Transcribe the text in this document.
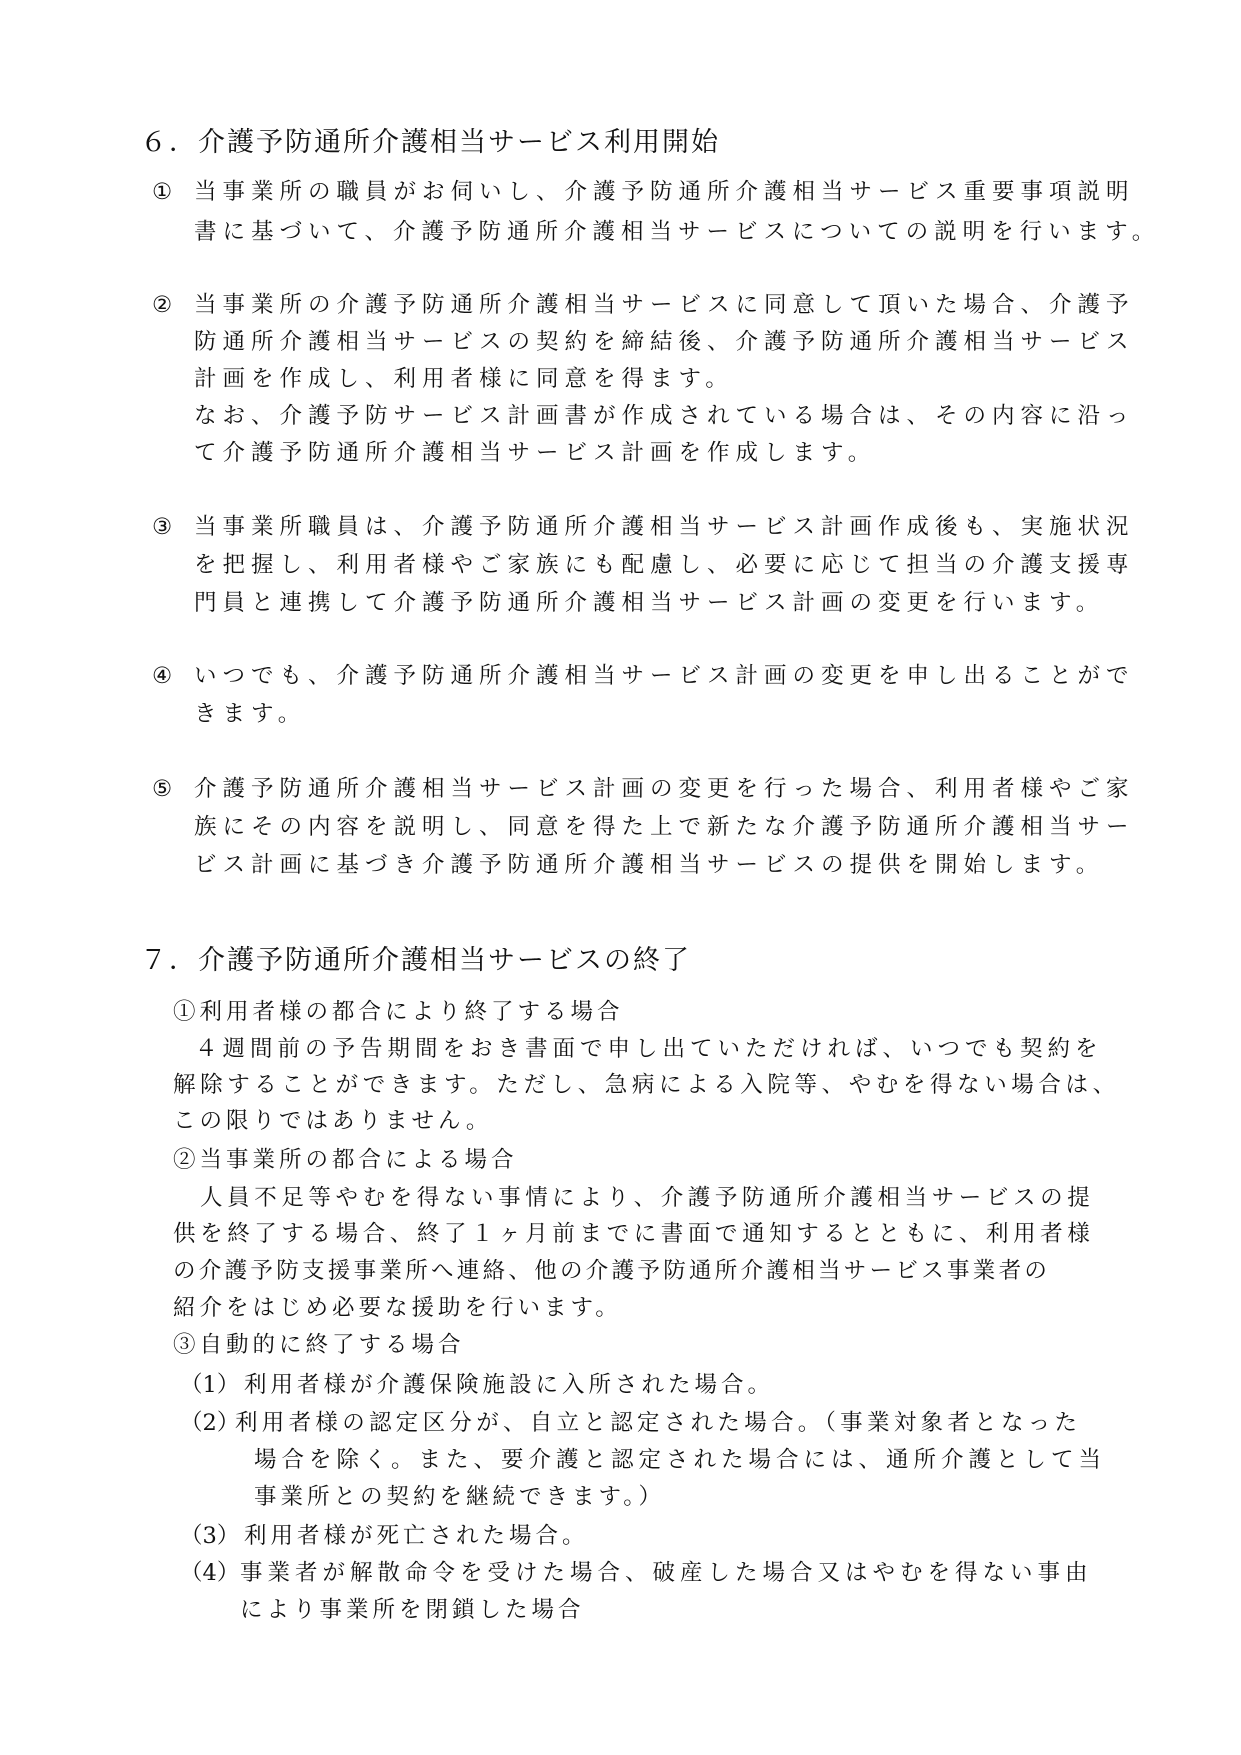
６．介護予防通所介護相当サービス利用開始
① 当事業所の職員がお伺いし、介護予防通所介護相当サービス重要事項説明

書に基づいて、介護予防通所介護相当サービスについての説明を行います。

② 当事業所の介護予防通所介護相当サービスに同意して頂いた場合、介護予

防通所介護相当サービスの契約を締結後、介護予防通所介護相当サービス

計画を作成し、利用者様に同意を得ます。

なお、介護予防サービス計画書が作成されている場合は、その内容に沿っ

て介護予防通所介護相当サービス計画を作成します。

③ 当事業所職員は、介護予防通所介護相当サービス計画作成後も、実施状況

を把握し、利用者様やご家族にも配慮し、必要に応じて担当の介護支援専

門員と連携して介護予防通所介護相当サービス計画の変更を行います。

④ いつでも、介護予防通所介護相当サービス計画の変更を申し出ることがで

きます。

⑤ 介護予防通所介護相当サービス計画の変更を行った場合、利用者様やご家

族にその内容を説明し、同意を得た上で新たな介護予防通所介護相当サー

ビス計画に基づき介護予防通所介護相当サービスの提供を開始します。

７．介護予防通所介護相当サービスの終了

①利用者様の都合により終了する場合

４週間前の予告期間をおき書面で申し出ていただければ、いつでも契約を

解除することができます。ただし、急病による入院等、やむを得ない場合は、

この限りではありません。

②当事業所の都合による場合

人員不足等やむを得ない事情により、介護予防通所介護相当サービスの提

供を終了する場合、終了１ヶ月前までに書面で通知するとともに、利用者様

の介護予防支援事業所へ連絡、他の介護予防通所介護相当サービス事業者の

紹介をはじめ必要な援助を行います。

③自動的に終了する場合

（1） 利用者様が介護保険施設に入所された場合。

（2）

利用者様の認定区分が、自立と認定された場合。（事業対象者となった

場合を除く。また、要介護と認定された場合には、通所介護として当

事業所との契約を継続できます。）

（3） 利用者様が死亡された場合。

（4） 事業者が解散命令を受けた場合、破産した場合又はやむを得ない事由

により事業所を閉鎖した場合
